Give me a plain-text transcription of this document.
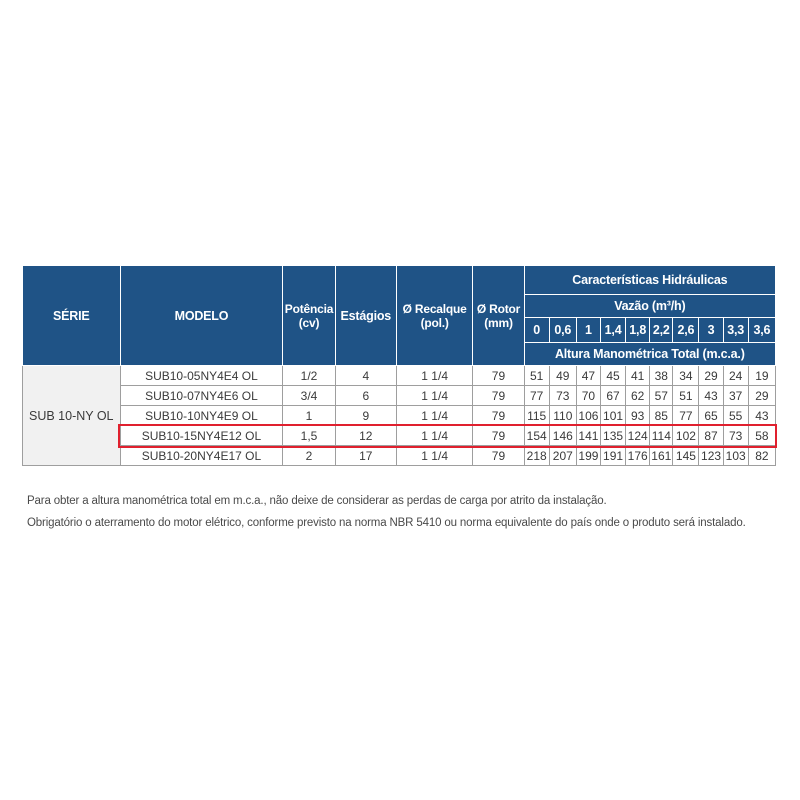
SÉRIE	MODELO	Potência (cv)	Estágios	Ø Recalque (pol.)	Ø Rotor (mm)	Características Hidráulicas									
						Vazão (m³/h)									
						0	0,6	1	1,4	1,8	2,2	2,6	3	3,3	3,6
						Altura Manométrica Total (m.c.a.)									
SUB 10-NY OL	SUB10-05NY4E4 OL	1/2	4	1 1/4	79	51	49	47	45	41	38	34	29	24	19
	SUB10-07NY4E6 OL	3/4	6	1 1/4	79	77	73	70	67	62	57	51	43	37	29
	SUB10-10NY4E9 OL	1	9	1 1/4	79	115	110	106	101	93	85	77	65	55	43
	SUB10-15NY4E12 OL	1,5	12	1 1/4	79	154	146	141	135	124	114	102	87	73	58
	SUB10-20NY4E17 OL	2	17	1 1/4	79	218	207	199	191	176	161	145	123	103	82

Para obter a altura manométrica total em m.c.a., não deixe de considerar as perdas de carga por atrito da instalação.

Obrigatório o aterramento do motor elétrico, conforme previsto na norma NBR 5410 ou norma equivalente do país onde o produto será instalado.
